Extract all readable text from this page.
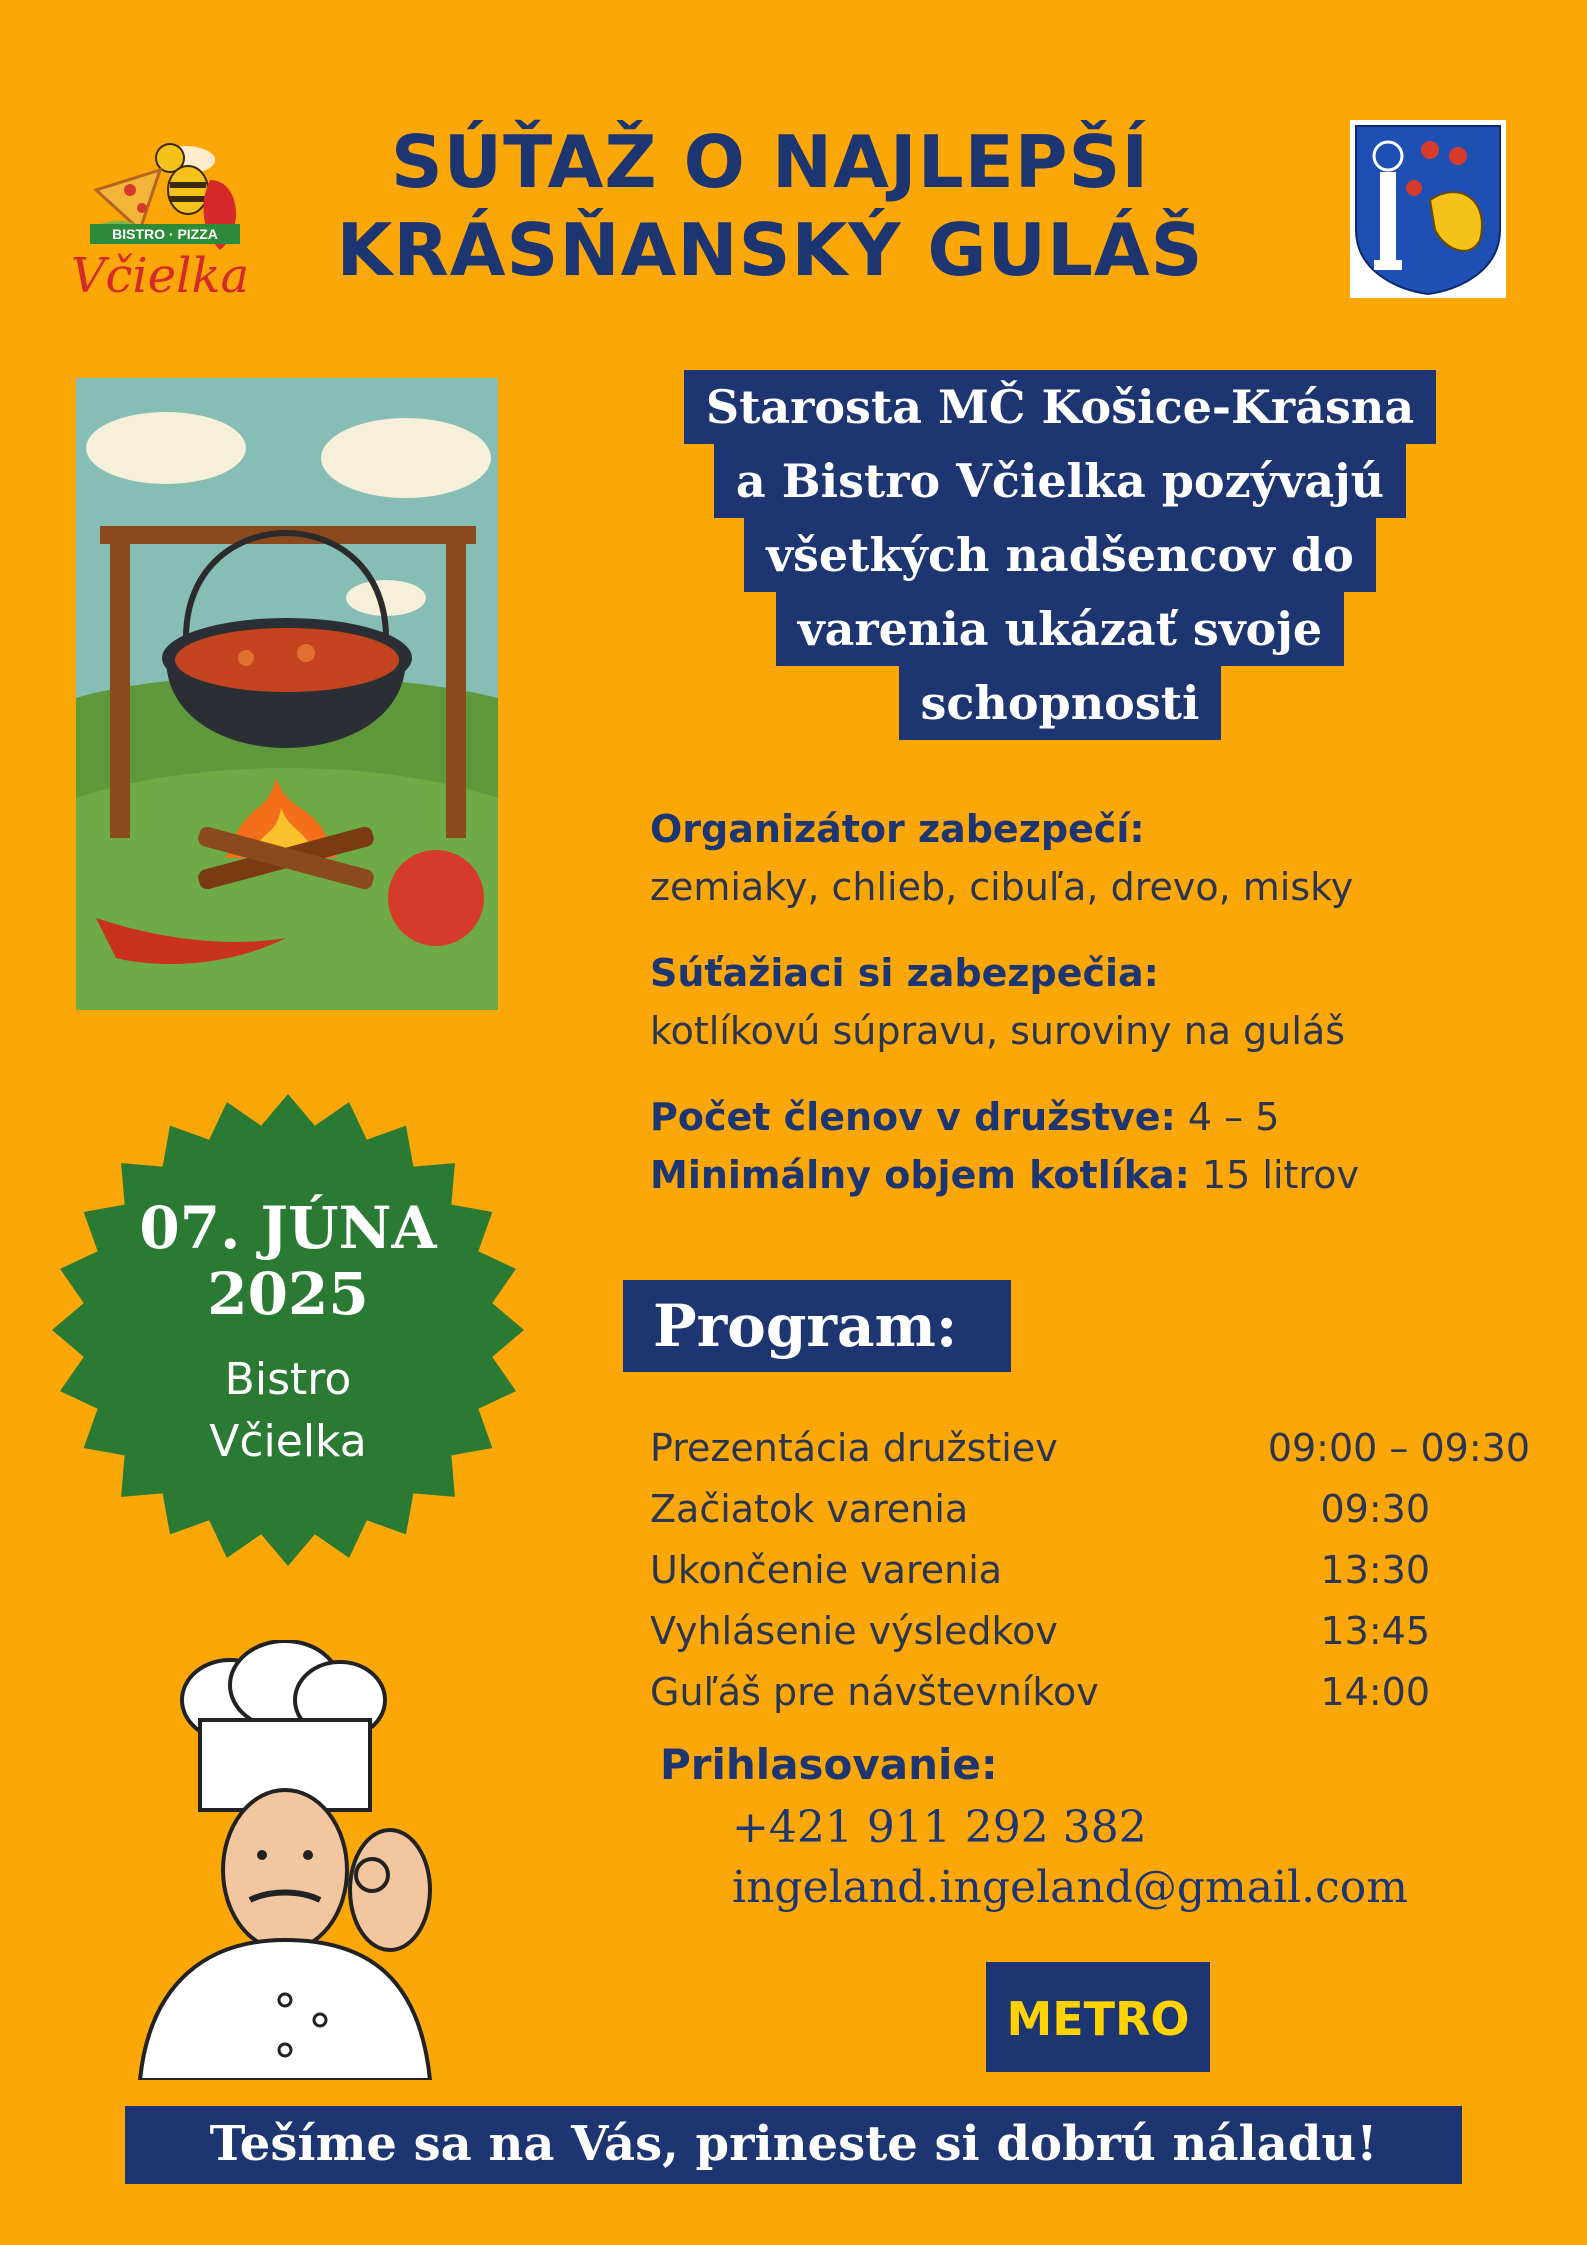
BISTRO · PIZZA
Včielka
SÚŤAŽ O NAJLEPŠÍ
KRÁSŇANSKÝ GULÁŠ
Starosta MČ Košice-Krásna
a Bistro Včielka pozývajú
všetkých nadšencov do
varenia ukázať svoje
schopnosti

Organizátor zabezpečí:
zemiaky, chlieb, cibuľa, drevo, misky

Súťažiaci si zabezpečia:
kotlíkovú súpravu, suroviny na guláš

Počet členov v družstve: 4 – 5
Minimálny objem kotlíka: 15 litrov
07. JÚNA
2025
Bistro
Včielka
Program:
Prezentácia družstiev	09:00 – 09:30
Začiatok varenia	09:30
Ukončenie varenia	13:30
Vyhlásenie výsledkov	13:45
Guľáš pre návštevníkov	14:00
Prihlasovanie:
+421 911 292 382
ingeland.ingeland@gmail.com
METRO
Tešíme sa na Vás, prineste si dobrú náladu!
